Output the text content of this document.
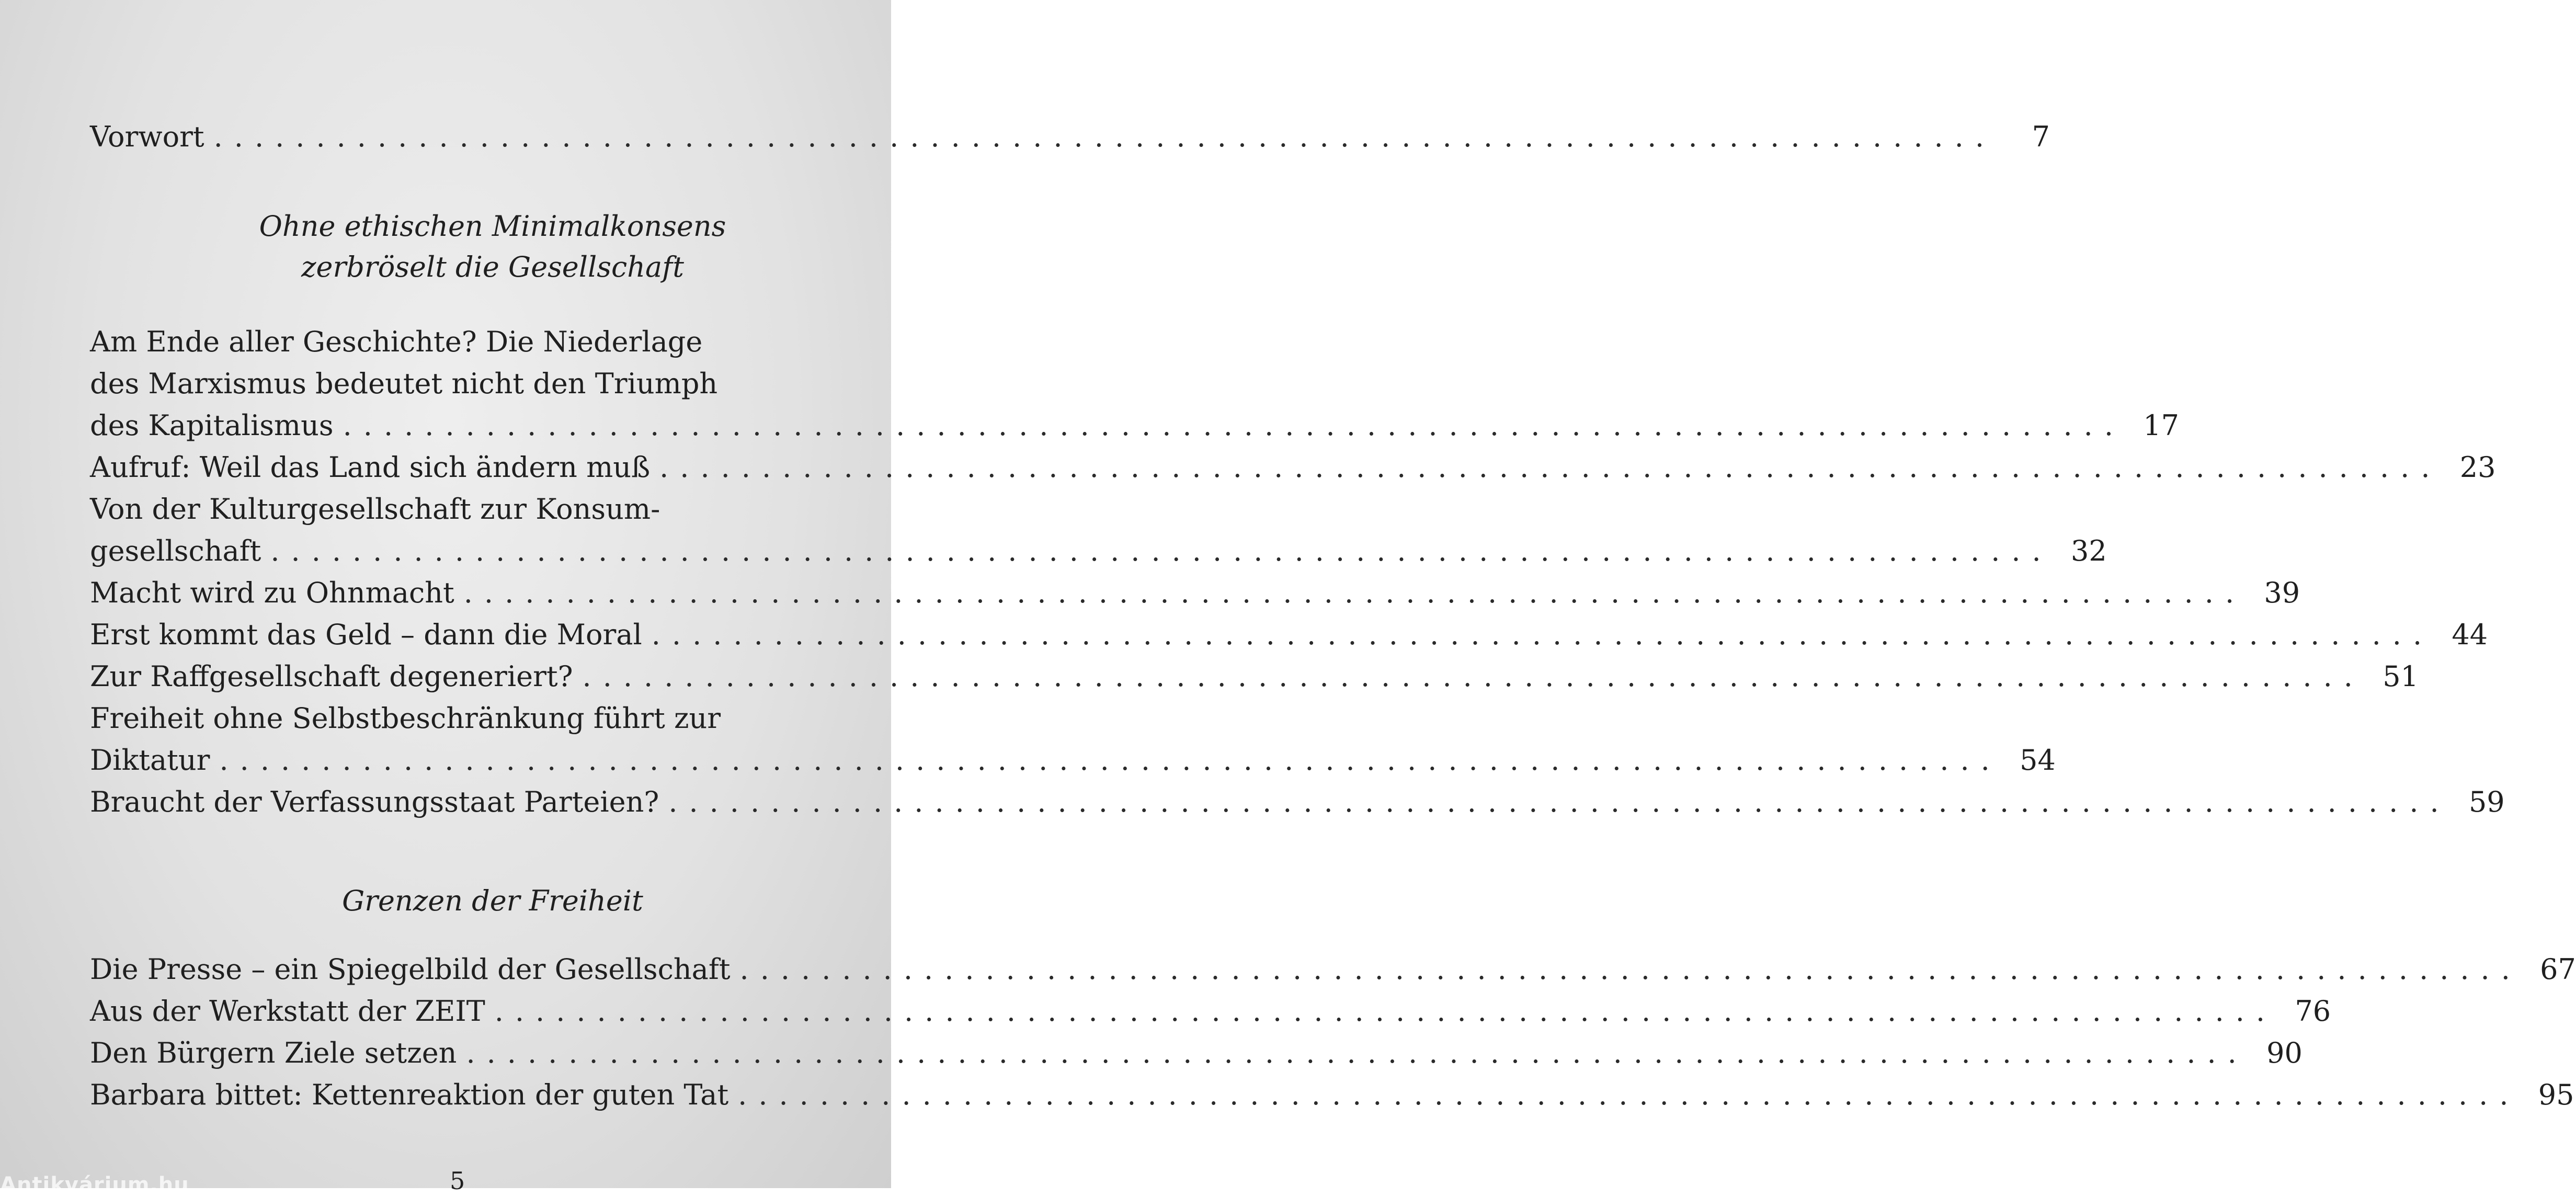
Vorwort .......................................................................................	7
Ohne ethischen Minimalkonsens
zerbröselt die Gesellschaft
Am Ende aller Geschichte? Die Niederlage
des Marxismus bedeutet nicht den Triumph
des Kapitalismus ....................................................................................... 17
Aufruf: Weil das Land sich ändern muß ....................................................................................... 23
Von der Kulturgesellschaft zur Konsum-
gesellschaft ....................................................................................... 32
Macht wird zu Ohnmacht ....................................................................................... 39
Erst kommt das Geld – dann die Moral ....................................................................................... 44
Zur Raffgesellschaft degeneriert? ....................................................................................... 51
Freiheit ohne Selbstbeschränkung führt zur
Diktatur ....................................................................................... 54
Braucht der Verfassungsstaat Parteien? ....................................................................................... 59
Grenzen der Freiheit
Die Presse – ein Spiegelbild der Gesellschaft ....................................................................................... 67
Aus der Werkstatt der ZEIT ....................................................................................... 76
Den Bürgern Ziele setzen ....................................................................................... 90
Barbara bittet: Kettenreaktion der guten Tat ....................................................................................... 95
5
Antikvárium.hu
